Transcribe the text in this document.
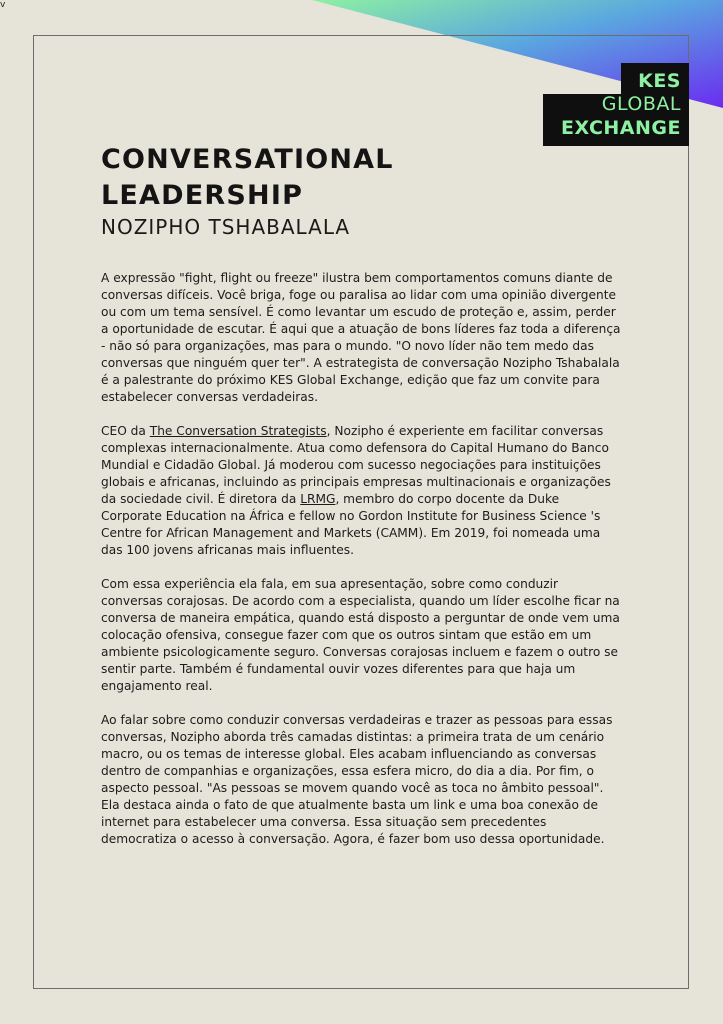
v
KES
GLOBAL
EXCHANGE
CONVERSATIONAL
LEADERSHIP
NOZIPHO TSHABALALA

A expressão "fight, flight ou freeze" ilustra bem comportamentos comuns diante de conversas difíceis. Você briga, foge ou paralisa ao lidar com uma opinião divergente ou com um tema sensível. É como levantar um escudo de proteção e, assim, perder a oportunidade de escutar. É aqui que a atuação de bons líderes faz toda a diferença - não só para organizações, mas para o mundo. "O novo líder não tem medo das conversas que ninguém quer ter". A estrategista de conversação Nozipho Tshabalala é a palestrante do próximo KES Global Exchange, edição que faz um convite para estabelecer conversas verdadeiras.

CEO da The Conversation Strategists, Nozipho é experiente em facilitar conversas complexas internacionalmente. Atua como defensora do Capital Humano do Banco Mundial e Cidadão Global. Já moderou com sucesso negociações para instituições globais e africanas, incluindo as principais empresas multinacionais e organizações da sociedade civil. É diretora da LRMG, membro do corpo docente da Duke Corporate Education na África e fellow no Gordon Institute for Business Science 's Centre for African Management and Markets (CAMM). Em 2019, foi nomeada uma das 100 jovens africanas mais influentes.

Com essa experiência ela fala, em sua apresentação, sobre como conduzir conversas corajosas. De acordo com a especialista, quando um líder escolhe ficar na conversa de maneira empática, quando está disposto a perguntar de onde vem uma colocação ofensiva, consegue fazer com que os outros sintam que estão em um ambiente psicologicamente seguro. Conversas corajosas incluem e fazem o outro se sentir parte. Também é fundamental ouvir vozes diferentes para que haja um engajamento real.

Ao falar sobre como conduzir conversas verdadeiras e trazer as pessoas para essas conversas, Nozipho aborda três camadas distintas: a primeira trata de um cenário macro, ou os temas de interesse global. Eles acabam influenciando as conversas dentro de companhias e organizações, essa esfera micro, do dia a dia. Por fim, o aspecto pessoal. "As pessoas se movem quando você as toca no âmbito pessoal". Ela destaca ainda o fato de que atualmente basta um link e uma boa conexão de internet para estabelecer uma conversa. Essa situação sem precedentes democratiza o acesso à conversação. Agora, é fazer bom uso dessa oportunidade.
